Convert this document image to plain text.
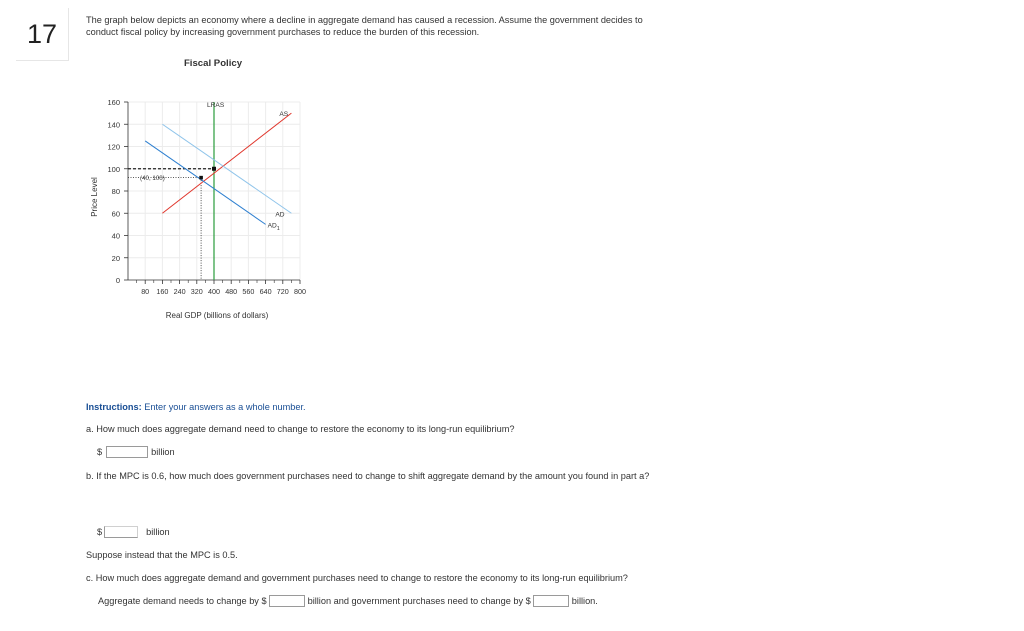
17	The graph below depicts an economy where a decline in aggregate demand has caused a recession. Assume the government decides to conduct fiscal policy by increasing government purchases to reduce the burden of this recession.
Fiscal Policy
0
20
40
60
80
100
120
140
160
80 160 240 320 400 480 560 640 720 800
Price Level
Real GDP (billions of dollars)
LRAS
AS
AD
$AD_1$
(40, 100)
Instructions: Enter your answers as a whole number.
a. How much does aggregate demand need to change to restore the economy to its long-run equilibrium?
$	billion
b. If the MPC is 0.6, how much does government purchases need to change to shift aggregate demand by the amount you found in part a?
$	billion
Suppose instead that the MPC is 0.5.
c. How much does aggregate demand and government purchases need to change to restore the economy to its long-run equilibrium?
Aggregate demand needs to change by $	billion and government purchases need to change by $	billion.
